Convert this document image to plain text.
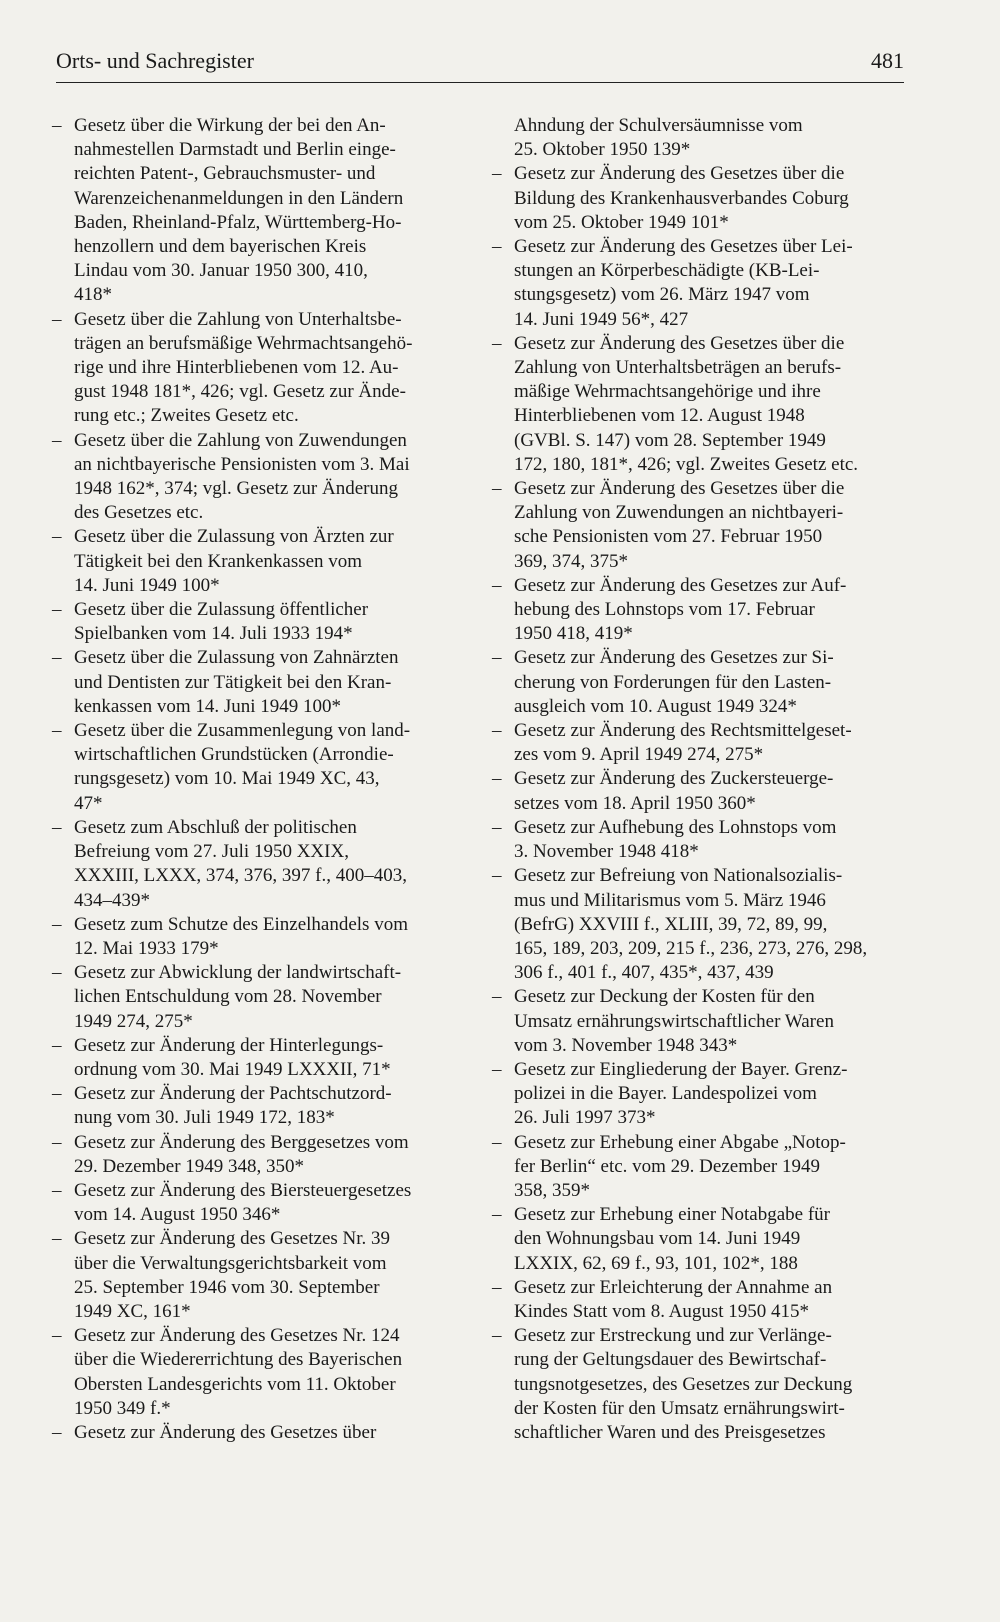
Orts- und Sachregister	481
– Gesetz über die Wirkung der bei den An-
nahmestellen Darmstadt und Berlin einge-
reichten Patent-, Gebrauchsmuster- und
Warenzeichenanmeldungen in den Ländern
Baden, Rheinland-Pfalz, Württemberg-Ho-
henzollern und dem bayerischen Kreis
Lindau vom 30. Januar 1950 300, 410,
418*
– Gesetz über die Zahlung von Unterhaltsbe-
trägen an berufsmäßige Wehrmachtsangehö-
rige und ihre Hinterbliebenen vom 12. Au-
gust 1948 181*, 426; vgl. Gesetz zur Ände-
rung etc.; Zweites Gesetz etc.
– Gesetz über die Zahlung von Zuwendungen
an nichtbayerische Pensionisten vom 3. Mai
1948 162*, 374; vgl. Gesetz zur Änderung
des Gesetzes etc.
– Gesetz über die Zulassung von Ärzten zur
Tätigkeit bei den Krankenkassen vom
14. Juni 1949 100*
– Gesetz über die Zulassung öffentlicher
Spielbanken vom 14. Juli 1933 194*
– Gesetz über die Zulassung von Zahnärzten
und Dentisten zur Tätigkeit bei den Kran-
kenkassen vom 14. Juni 1949 100*
– Gesetz über die Zusammenlegung von land-
wirtschaftlichen Grundstücken (Arrondie-
rungsgesetz) vom 10. Mai 1949 XC, 43,
47*
– Gesetz zum Abschluß der politischen
Befreiung vom 27. Juli 1950 XXIX,
XXXIII, LXXX, 374, 376, 397 f., 400–403,
434–439*
– Gesetz zum Schutze des Einzelhandels vom
12. Mai 1933 179*
– Gesetz zur Abwicklung der landwirtschaft-
lichen Entschuldung vom 28. November
1949 274, 275*
– Gesetz zur Änderung der Hinterlegungs-
ordnung vom 30. Mai 1949 LXXXII, 71*
– Gesetz zur Änderung der Pachtschutzord-
nung vom 30. Juli 1949 172, 183*
– Gesetz zur Änderung des Berggesetzes vom
29. Dezember 1949 348, 350*
– Gesetz zur Änderung des Biersteuergesetzes
vom 14. August 1950 346*
– Gesetz zur Änderung des Gesetzes Nr. 39
über die Verwaltungsgerichtsbarkeit vom
25. September 1946 vom 30. September
1949 XC, 161*
– Gesetz zur Änderung des Gesetzes Nr. 124
über die Wiedererrichtung des Bayerischen
Obersten Landesgerichts vom 11. Oktober
1950 349 f.*
– Gesetz zur Änderung des Gesetzes über
Ahndung der Schulversäumnisse vom
25. Oktober 1950 139*
– Gesetz zur Änderung des Gesetzes über die
Bildung des Krankenhausverbandes Coburg
vom 25. Oktober 1949 101*
– Gesetz zur Änderung des Gesetzes über Lei-
stungen an Körperbeschädigte (KB-Lei-
stungsgesetz) vom 26. März 1947 vom
14. Juni 1949 56*, 427
– Gesetz zur Änderung des Gesetzes über die
Zahlung von Unterhaltsbeträgen an berufs-
mäßige Wehrmachtsangehörige und ihre
Hinterbliebenen vom 12. August 1948
(GVBl. S. 147) vom 28. September 1949
172, 180, 181*, 426; vgl. Zweites Gesetz etc.
– Gesetz zur Änderung des Gesetzes über die
Zahlung von Zuwendungen an nichtbayeri-
sche Pensionisten vom 27. Februar 1950
369, 374, 375*
– Gesetz zur Änderung des Gesetzes zur Auf-
hebung des Lohnstops vom 17. Februar
1950 418, 419*
– Gesetz zur Änderung des Gesetzes zur Si-
cherung von Forderungen für den Lasten-
ausgleich vom 10. August 1949 324*
– Gesetz zur Änderung des Rechtsmittelgeset-
zes vom 9. April 1949 274, 275*
– Gesetz zur Änderung des Zuckersteuerge-
setzes vom 18. April 1950 360*
– Gesetz zur Aufhebung des Lohnstops vom
3. November 1948 418*
– Gesetz zur Befreiung von Nationalsozialis-
mus und Militarismus vom 5. März 1946
(BefrG) XXVIII f., XLIII, 39, 72, 89, 99,
165, 189, 203, 209, 215 f., 236, 273, 276, 298,
306 f., 401 f., 407, 435*, 437, 439
– Gesetz zur Deckung der Kosten für den
Umsatz ernährungswirtschaftlicher Waren
vom 3. November 1948 343*
– Gesetz zur Eingliederung der Bayer. Grenz-
polizei in die Bayer. Landespolizei vom
26. Juli 1997 373*
– Gesetz zur Erhebung einer Abgabe „Notop-
fer Berlin“ etc. vom 29. Dezember 1949
358, 359*
– Gesetz zur Erhebung einer Notabgabe für
den Wohnungsbau vom 14. Juni 1949
LXXIX, 62, 69 f., 93, 101, 102*, 188
– Gesetz zur Erleichterung der Annahme an
Kindes Statt vom 8. August 1950 415*
– Gesetz zur Erstreckung und zur Verlänge-
rung der Geltungsdauer des Bewirtschaf-
tungsnotgesetzes, des Gesetzes zur Deckung
der Kosten für den Umsatz ernährungswirt-
schaftlicher Waren und des Preisgesetzes
